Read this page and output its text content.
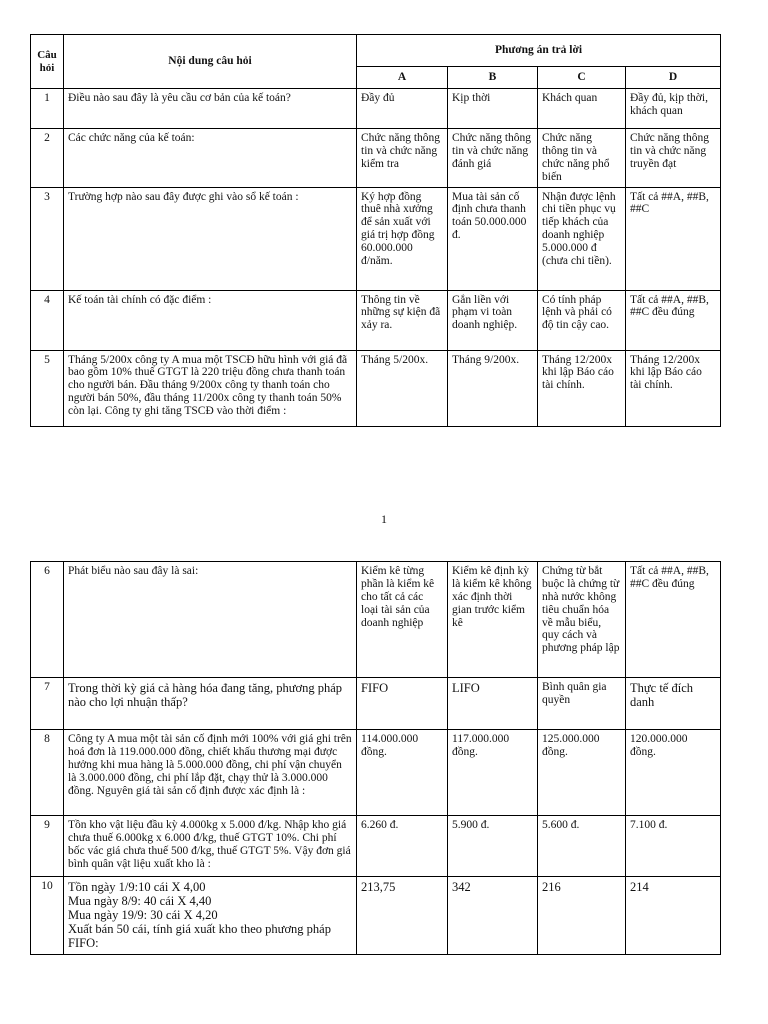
Câu hỏi	Nội dung câu hỏi	Phương án trả lời			
		A	B	C	D
1	Điều nào sau đây là yêu cầu cơ bản của kế toán?	Đầy đủ	Kịp thời	Khách quan	Đầy đủ, kịp thời, khách quan
2	Các chức năng của kế toán:	Chức năng thông tin và chức năng kiểm tra	Chức năng thông tin và chức năng đánh giá	Chức năng thông tin và chức năng phổ biến	Chức năng thông tin và chức năng truyền đạt
3	Trường hợp nào sau đây được ghi vào sổ kế toán :	Ký hợp đồng thuê nhà xưởng để sản xuất với giá trị hợp đồng 60.000.000 đ/năm.	Mua tài sản cố định chưa thanh toán 50.000.000 đ.	Nhận được lệnh chi tiền phục vụ tiếp khách của doanh nghiệp 5.000.000 đ (chưa chi tiền).	Tất cả ##A, ##B, ##C
4	Kế toán tài chính có đặc điểm :	Thông tin về những sự kiện đã xảy ra.	Gắn liền với phạm vi toàn doanh nghiệp.	Có tính pháp lệnh và phải có độ tin cậy cao.	Tất cả ##A, ##B, ##C đều đúng
5	Tháng 5/200x công ty A mua một TSCĐ hữu hình với giá đã bao gồm 10% thuế GTGT là 220 triệu đồng chưa thanh toán cho người bán. Đầu tháng 9/200x công ty thanh toán cho người bán 50%, đầu tháng 11/200x công ty thanh toán 50% còn lại. Công ty ghi tăng TSCĐ vào thời điểm :	Tháng 5/200x.	Tháng 9/200x.	Tháng 12/200x khi lập Báo cáo tài chính.	Tháng 12/200x khi lập Báo cáo tài chính.
1
6	Phát biểu nào sau đây là sai:	Kiểm kê từng phần là kiểm kê cho tất cả các loại tài sản của doanh nghiệp	Kiểm kê định kỳ là kiểm kê không xác định thời gian trước kiểm kê	Chứng từ bắt buộc là chứng từ nhà nước không tiêu chuẩn hóa về mẫu biểu, quy cách và phương pháp lập	Tất cả ##A, ##B, ##C đều đúng
7	Trong thời kỳ giá cả hàng hóa đang tăng, phương pháp nào cho lợi nhuận thấp?	FIFO	LIFO	Bình quân gia quyền	Thực tế đích danh
8	Công ty A mua một tài sản cố định mới 100% với giá ghi trên hoá đơn là 119.000.000 đồng, chiết khấu thương mại được hưởng khi mua hàng là 5.000.000 đồng, chi phí vận chuyển là 3.000.000 đồng, chi phí lắp đặt, chạy thử là 3.000.000 đồng. Nguyên giá tài sản cố định được xác định là :	114.000.000 đồng.	117.000.000 đồng.	125.000.000 đồng.	120.000.000 đồng.
9	Tồn kho vật liệu đầu kỳ 4.000kg x 5.000 đ/kg. Nhập kho giá chưa thuế 6.000kg x 6.000 đ/kg, thuế GTGT 10%. Chi phí bốc vác giá chưa thuế 500 đ/kg, thuế GTGT 5%. Vậy đơn giá bình quân vật liệu xuất kho là :	6.260 đ.	5.900 đ.	5.600 đ.	7.100 đ.
10	Tồn ngày 1/9:10 cái X 4,00
Mua ngày 8/9: 40 cái X 4,40
Mua ngày 19/9: 30 cái X 4,20
Xuất bán 50 cái, tính giá xuất kho theo phương pháp FIFO:	213,75	342	216	214
